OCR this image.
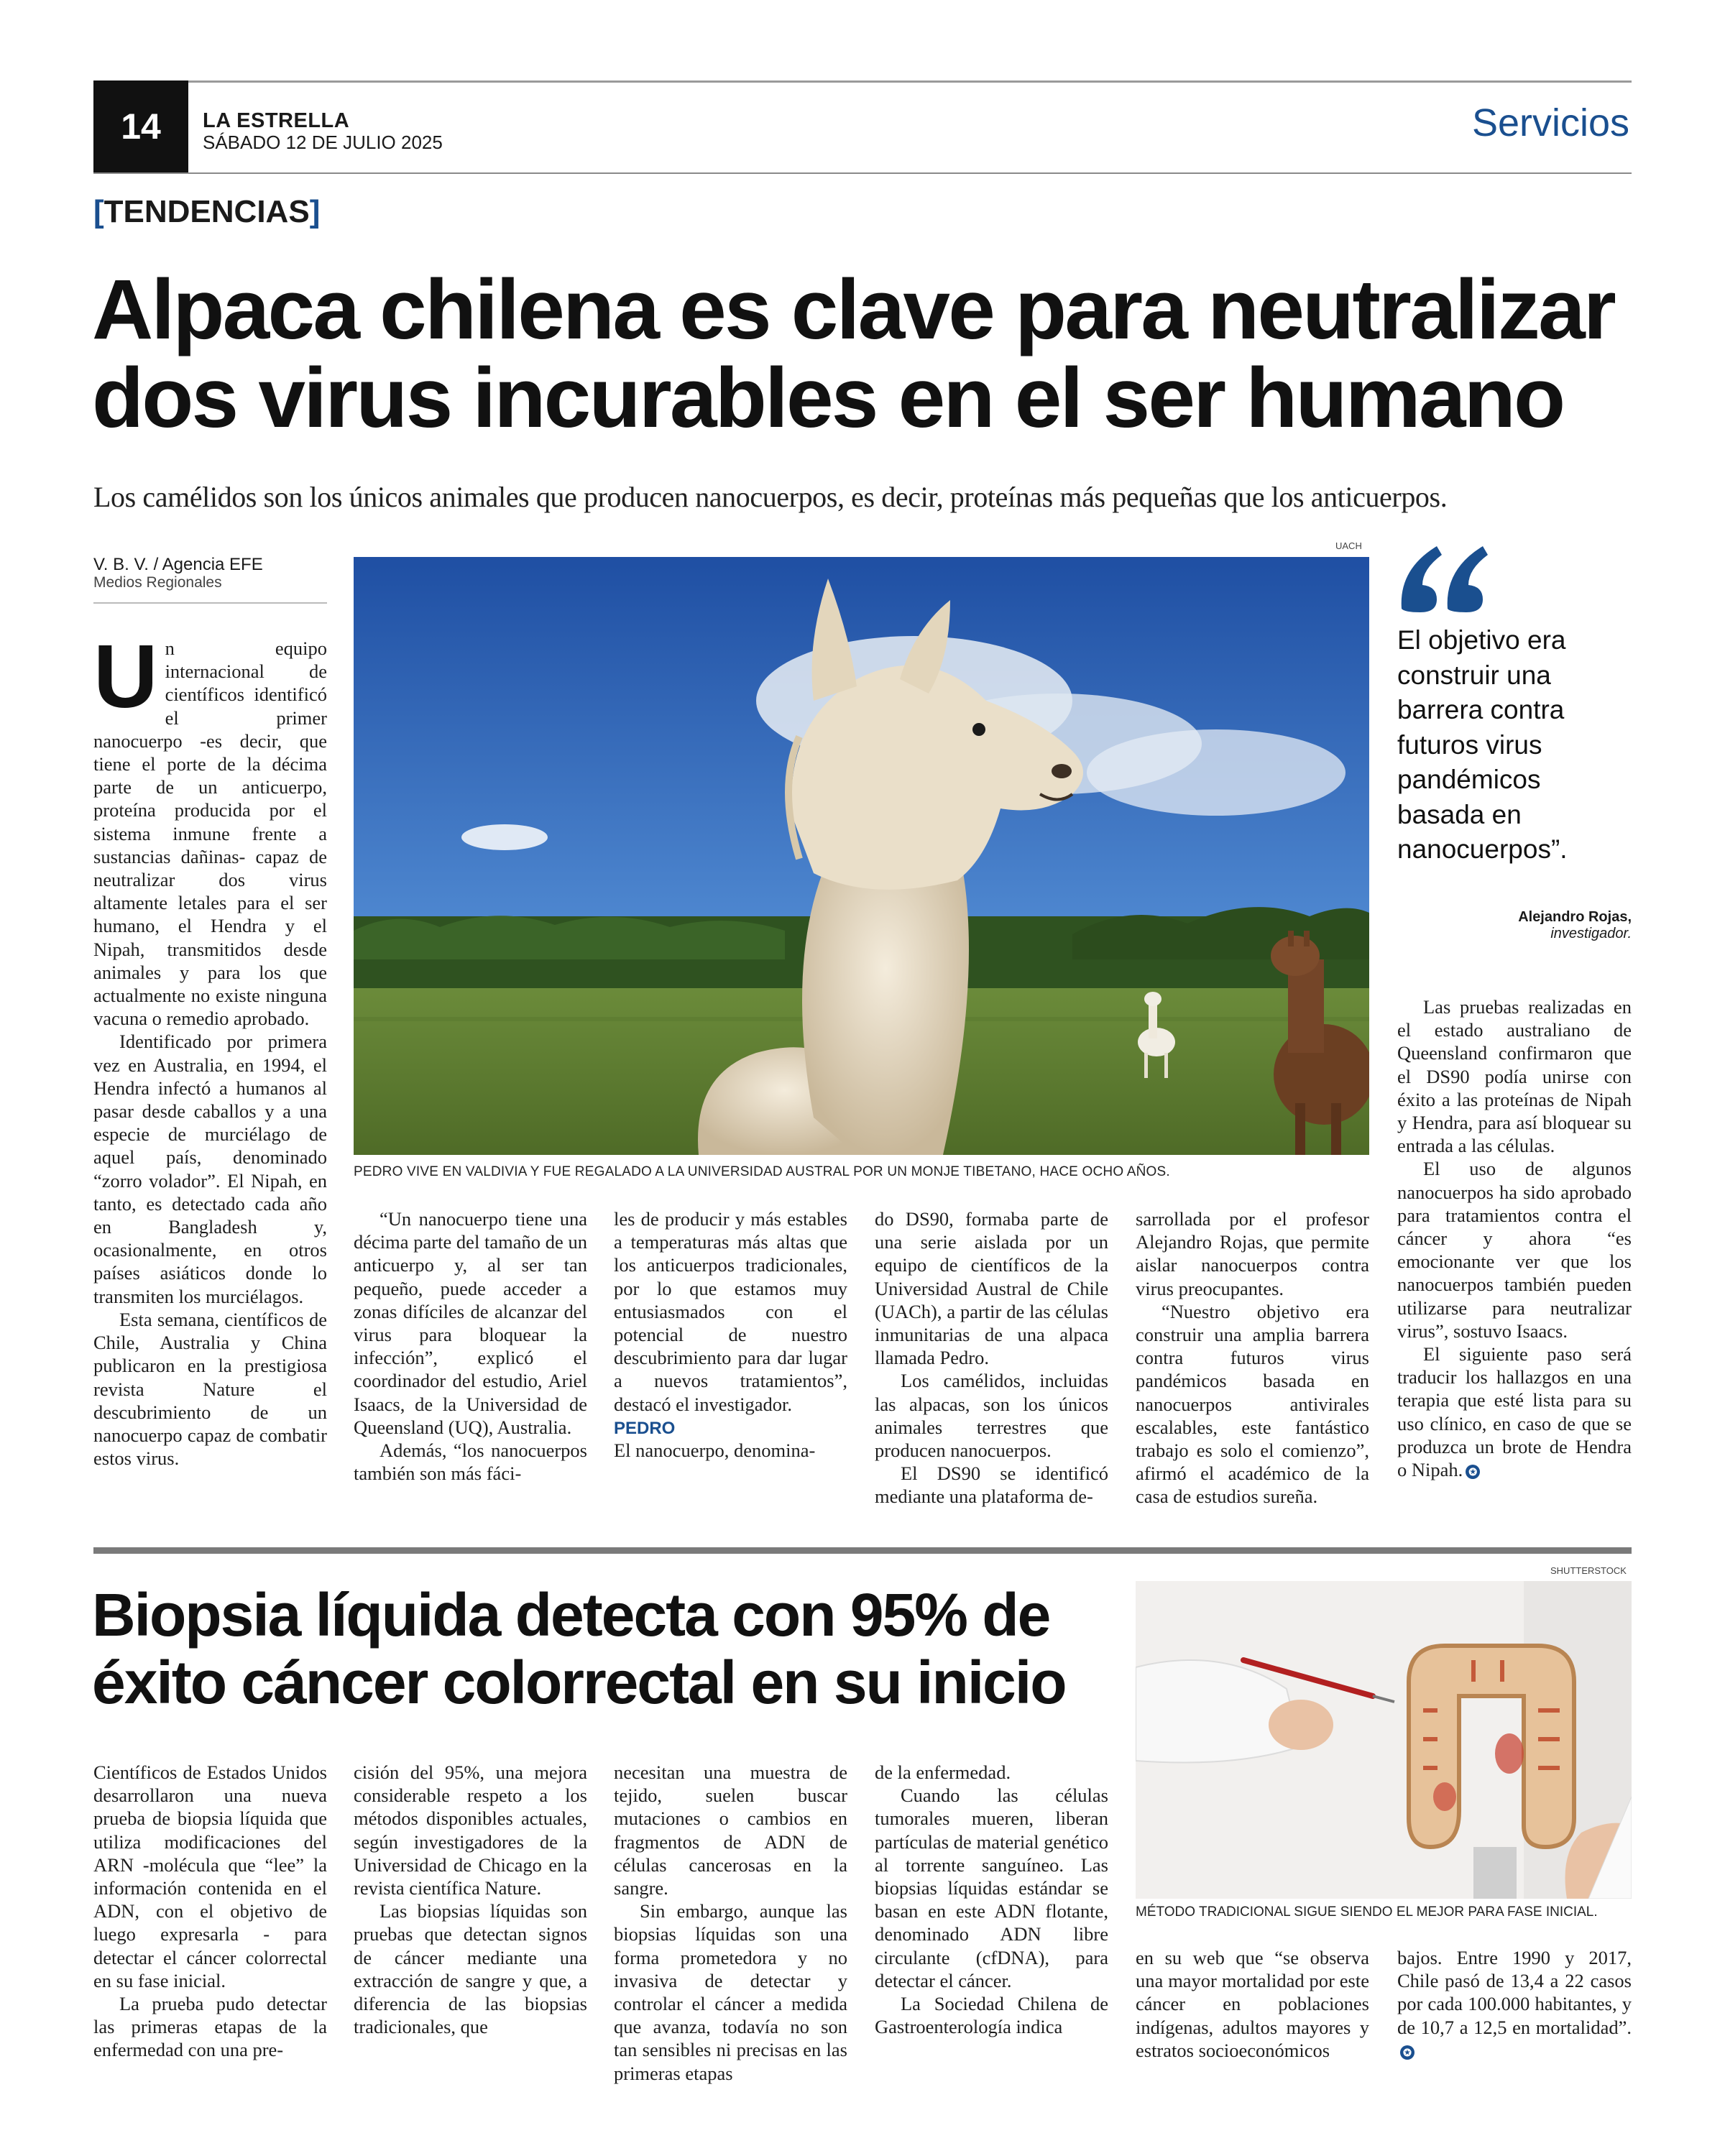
14	LA ESTRELLA
SÁBADO 12 DE JULIO 2025	Servicios
[TENDENCIAS]
Alpaca chilena es clave para neutralizar dos virus incurables en el ser humano
Los camélidos son los únicos animales que producen nanocuerpos, es decir, proteínas más pequeñas que los anticuerpos.
V. B. V. / Agencia EFE
Medios Regionales
UACH
PEDRO VIVE EN VALDIVIA Y FUE REGALADO A LA UNIVERSIDAD AUSTRAL POR UN MONJE TIBETANO, HACE OCHO AÑOS.
El objetivo era construir una barrera contra futuros virus pandémicos basada en nanocuerpos”.
Alejandro Rojas,
investigador.

Un equipo internacional de científicos identificó el primer nanocuerpo -es decir, que tiene el porte de la décima parte de un anticuerpo, proteína producida por el sistema inmune frente a sustancias dañinas- capaz de neutralizar dos virus altamente letales para el ser humano, el Hendra y el Nipah, transmitidos desde animales y para los que actualmente no existe ninguna vacuna o remedio aprobado.

Identificado por primera vez en Australia, en 1994, el Hendra infectó a humanos al pasar desde caballos y a una especie de murciélago de aquel país, denominado “zorro volador”. El Nipah, en tanto, es detectado cada año en Bangladesh y, ocasionalmente, en otros países asiáticos donde lo transmiten los murciélagos.

Esta semana, científicos de Chile, Australia y China publicaron en la prestigiosa revista Nature el descubrimiento de un nanocuerpo capaz de combatir estos virus.

“Un nanocuerpo tiene una décima parte del tamaño de un anticuerpo y, al ser tan pequeño, puede acceder a zonas difíciles de alcanzar del virus para bloquear la infección”, explicó el coordinador del estudio, Ariel Isaacs, de la Universidad de Queensland (UQ), Australia.

Además, “los nanocuerpos también son más fáci-

les de producir y más estables a temperaturas más altas que los anticuerpos tradicionales, por lo que estamos muy entusiasmados con el potencial de nuestro descubrimiento para dar lugar a nuevos tratamientos”, destacó el investigador.

PEDRO

El nanocuerpo, denomina-

do DS90, formaba parte de una serie aislada por un equipo de científicos de la Universidad Austral de Chile (UACh), a partir de las células inmunitarias de una alpaca llamada Pedro.

Los camélidos, incluidas las alpacas, son los únicos animales terrestres que producen nanocuerpos.

El DS90 se identificó mediante una plataforma de-

sarrollada por el profesor Alejandro Rojas, que permite aislar nanocuerpos contra virus preocupantes.

“Nuestro objetivo era construir una amplia barrera contra futuros virus pandémicos basada en nanocuerpos antivirales escalables, este fantástico trabajo es solo el comienzo”, afirmó el académico de la casa de estudios sureña.

Las pruebas realizadas en el estado australiano de Queensland confirmaron que el DS90 podía unirse con éxito a las proteínas de Nipah y Hendra, para así bloquear su entrada a las células.

El uso de algunos nanocuerpos ha sido aprobado para tratamientos contra el cáncer y ahora “es emocionante ver que los nanocuerpos también pueden utilizarse para neutralizar virus”, sostuvo Isaacs.

El siguiente paso será traducir los hallazgos en una terapia que esté lista para su uso clínico, en caso de que se produzca un brote de Hendra o Nipah. ✪

Biopsia líquida detecta con 95% de éxito cáncer colorrectal en su inicio
SHUTTERSTOCK
MÉTODO TRADICIONAL SIGUE SIENDO EL MEJOR PARA FASE INICIAL.

Científicos de Estados Unidos desarrollaron una nueva prueba de biopsia líquida que utiliza modificaciones del ARN -molécula que “lee” la información contenida en el ADN, con el objetivo de luego expresarla - para detectar el cáncer colorrectal en su fase inicial.

La prueba pudo detectar las primeras etapas de la enfermedad con una pre-

cisión del 95%, una mejora considerable respeto a los métodos disponibles actuales, según investigadores de la Universidad de Chicago en la revista científica Nature.

Las biopsias líquidas son pruebas que detectan signos de cáncer mediante una extracción de sangre y que, a diferencia de las biopsias tradicionales, que

necesitan una muestra de tejido, suelen buscar mutaciones o cambios en fragmentos de ADN de células cancerosas en la sangre.

Sin embargo, aunque las biopsias líquidas son una forma prometedora y no invasiva de detectar y controlar el cáncer a medida que avanza, todavía no son tan sensibles ni precisas en las primeras etapas

de la enfermedad.

Cuando las células tumorales mueren, liberan partículas de material genético al torrente sanguíneo. Las biopsias líquidas estándar se basan en este ADN flotante, denominado ADN libre circulante (cfDNA), para detectar el cáncer.

La Sociedad Chilena de Gastroenterología indica

en su web que “se observa una mayor mortalidad por este cáncer en poblaciones indígenas, adultos mayores y estratos socioeconómicos

bajos. Entre 1990 y 2017, Chile pasó de 13,4 a 22 casos por cada 100.000 habitantes, y de 10,7 a 12,5 en mortalidad”.✪
